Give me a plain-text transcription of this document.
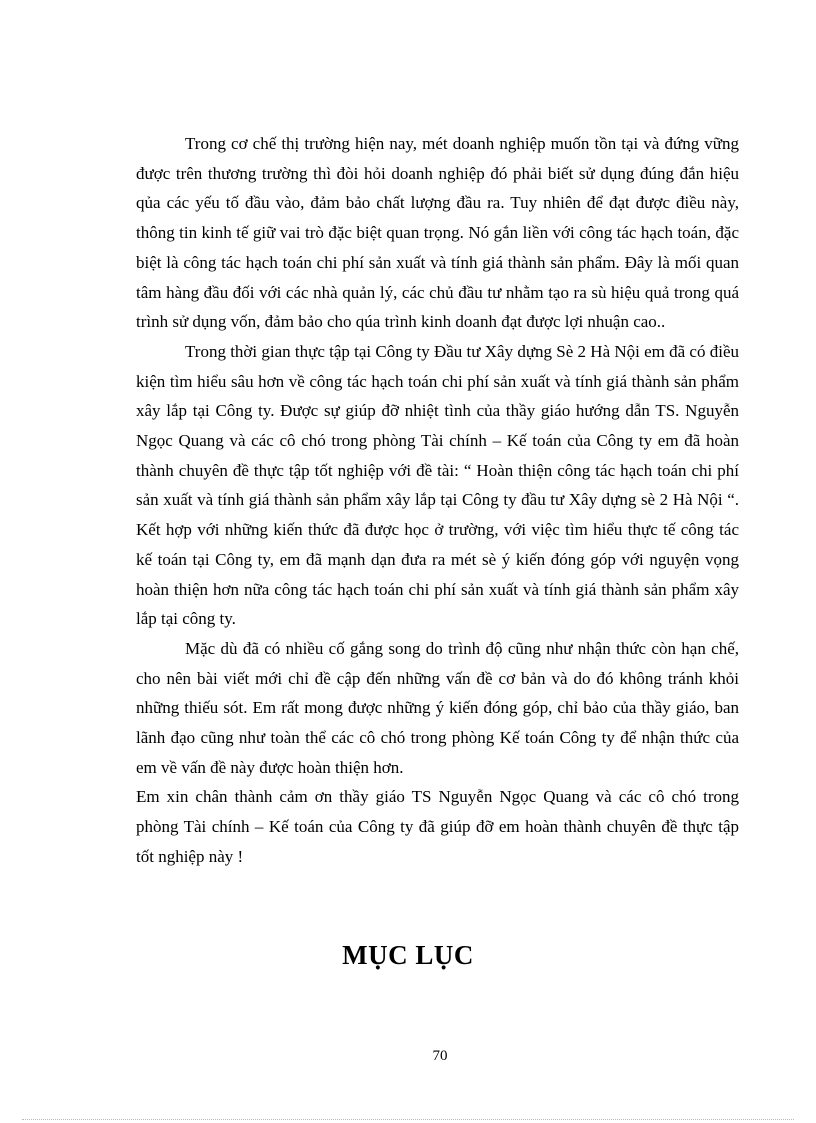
Trong cơ chế thị trường hiện nay, mét doanh nghiệp muốn tồn tại và đứng vững được trên thương trường thì đòi hỏi doanh nghiệp đó phải biết sử dụng đúng đắn hiệu qủa các yếu tố đầu vào, đảm bảo chất lượng đầu ra. Tuy nhiên để đạt được điều này, thông tin kinh tế giữ vai trò đặc biệt quan trọng. Nó gắn liền với công tác hạch toán, đặc biệt là công tác hạch toán chi phí sản xuất và tính giá thành sản phẩm. Đây là mối quan tâm hàng đầu đối với các nhà quản lý, các chủ đầu tư nhằm tạo ra sù hiệu quả trong quá trình sử dụng vốn, đảm bảo cho qúa trình kinh doanh đạt được lợi nhuận cao..

Trong thời gian thực tập tại Công ty Đầu tư Xây dựng Sè 2 Hà Nội em đã có điều kiện tìm hiểu sâu hơn về công tác hạch toán chi phí sản xuất và tính giá thành sản phẩm xây lắp tại Công ty. Được sự giúp đỡ nhiệt tình của thầy giáo hướng dẫn TS. Nguyễn Ngọc Quang và các cô chó trong phòng Tài chính – Kế toán của Công ty em đã hoàn thành chuyên đề thực tập tốt nghiệp với đề tài: “ Hoàn thiện công tác hạch toán chi phí sản xuất và tính giá thành sản phẩm xây lắp tại Công ty đầu tư Xây dựng sè 2 Hà Nội “. Kết hợp với những kiến thức đã được học ở trường, với việc tìm hiểu thực tế công tác kế toán tại Công ty, em đã mạnh dạn đưa ra mét sè ý kiến đóng góp với nguyện vọng hoàn thiện hơn nữa công tác hạch toán chi phí sản xuất và tính giá thành sản phẩm xây lắp tại công ty.

Mặc dù đã có nhiều cố gắng song do trình độ cũng như nhận thức còn hạn chế, cho nên bài viết mới chỉ đề cập đến những vấn đề cơ bản và do đó không tránh khỏi những thiếu sót. Em rất mong được những ý kiến đóng góp, chỉ bảo của thầy giáo, ban lãnh đạo cũng như toàn thể các cô chó trong phòng Kế toán Công ty để nhận thức của em về vấn đề này được hoàn thiện hơn.

Em xin chân thành cảm ơn thầy giáo TS Nguyễn Ngọc Quang và các cô chó trong phòng Tài chính – Kế toán của Công ty đã giúp đỡ em hoàn thành chuyên đề thực tập tốt nghiệp này !

MỤC LỤC
70
